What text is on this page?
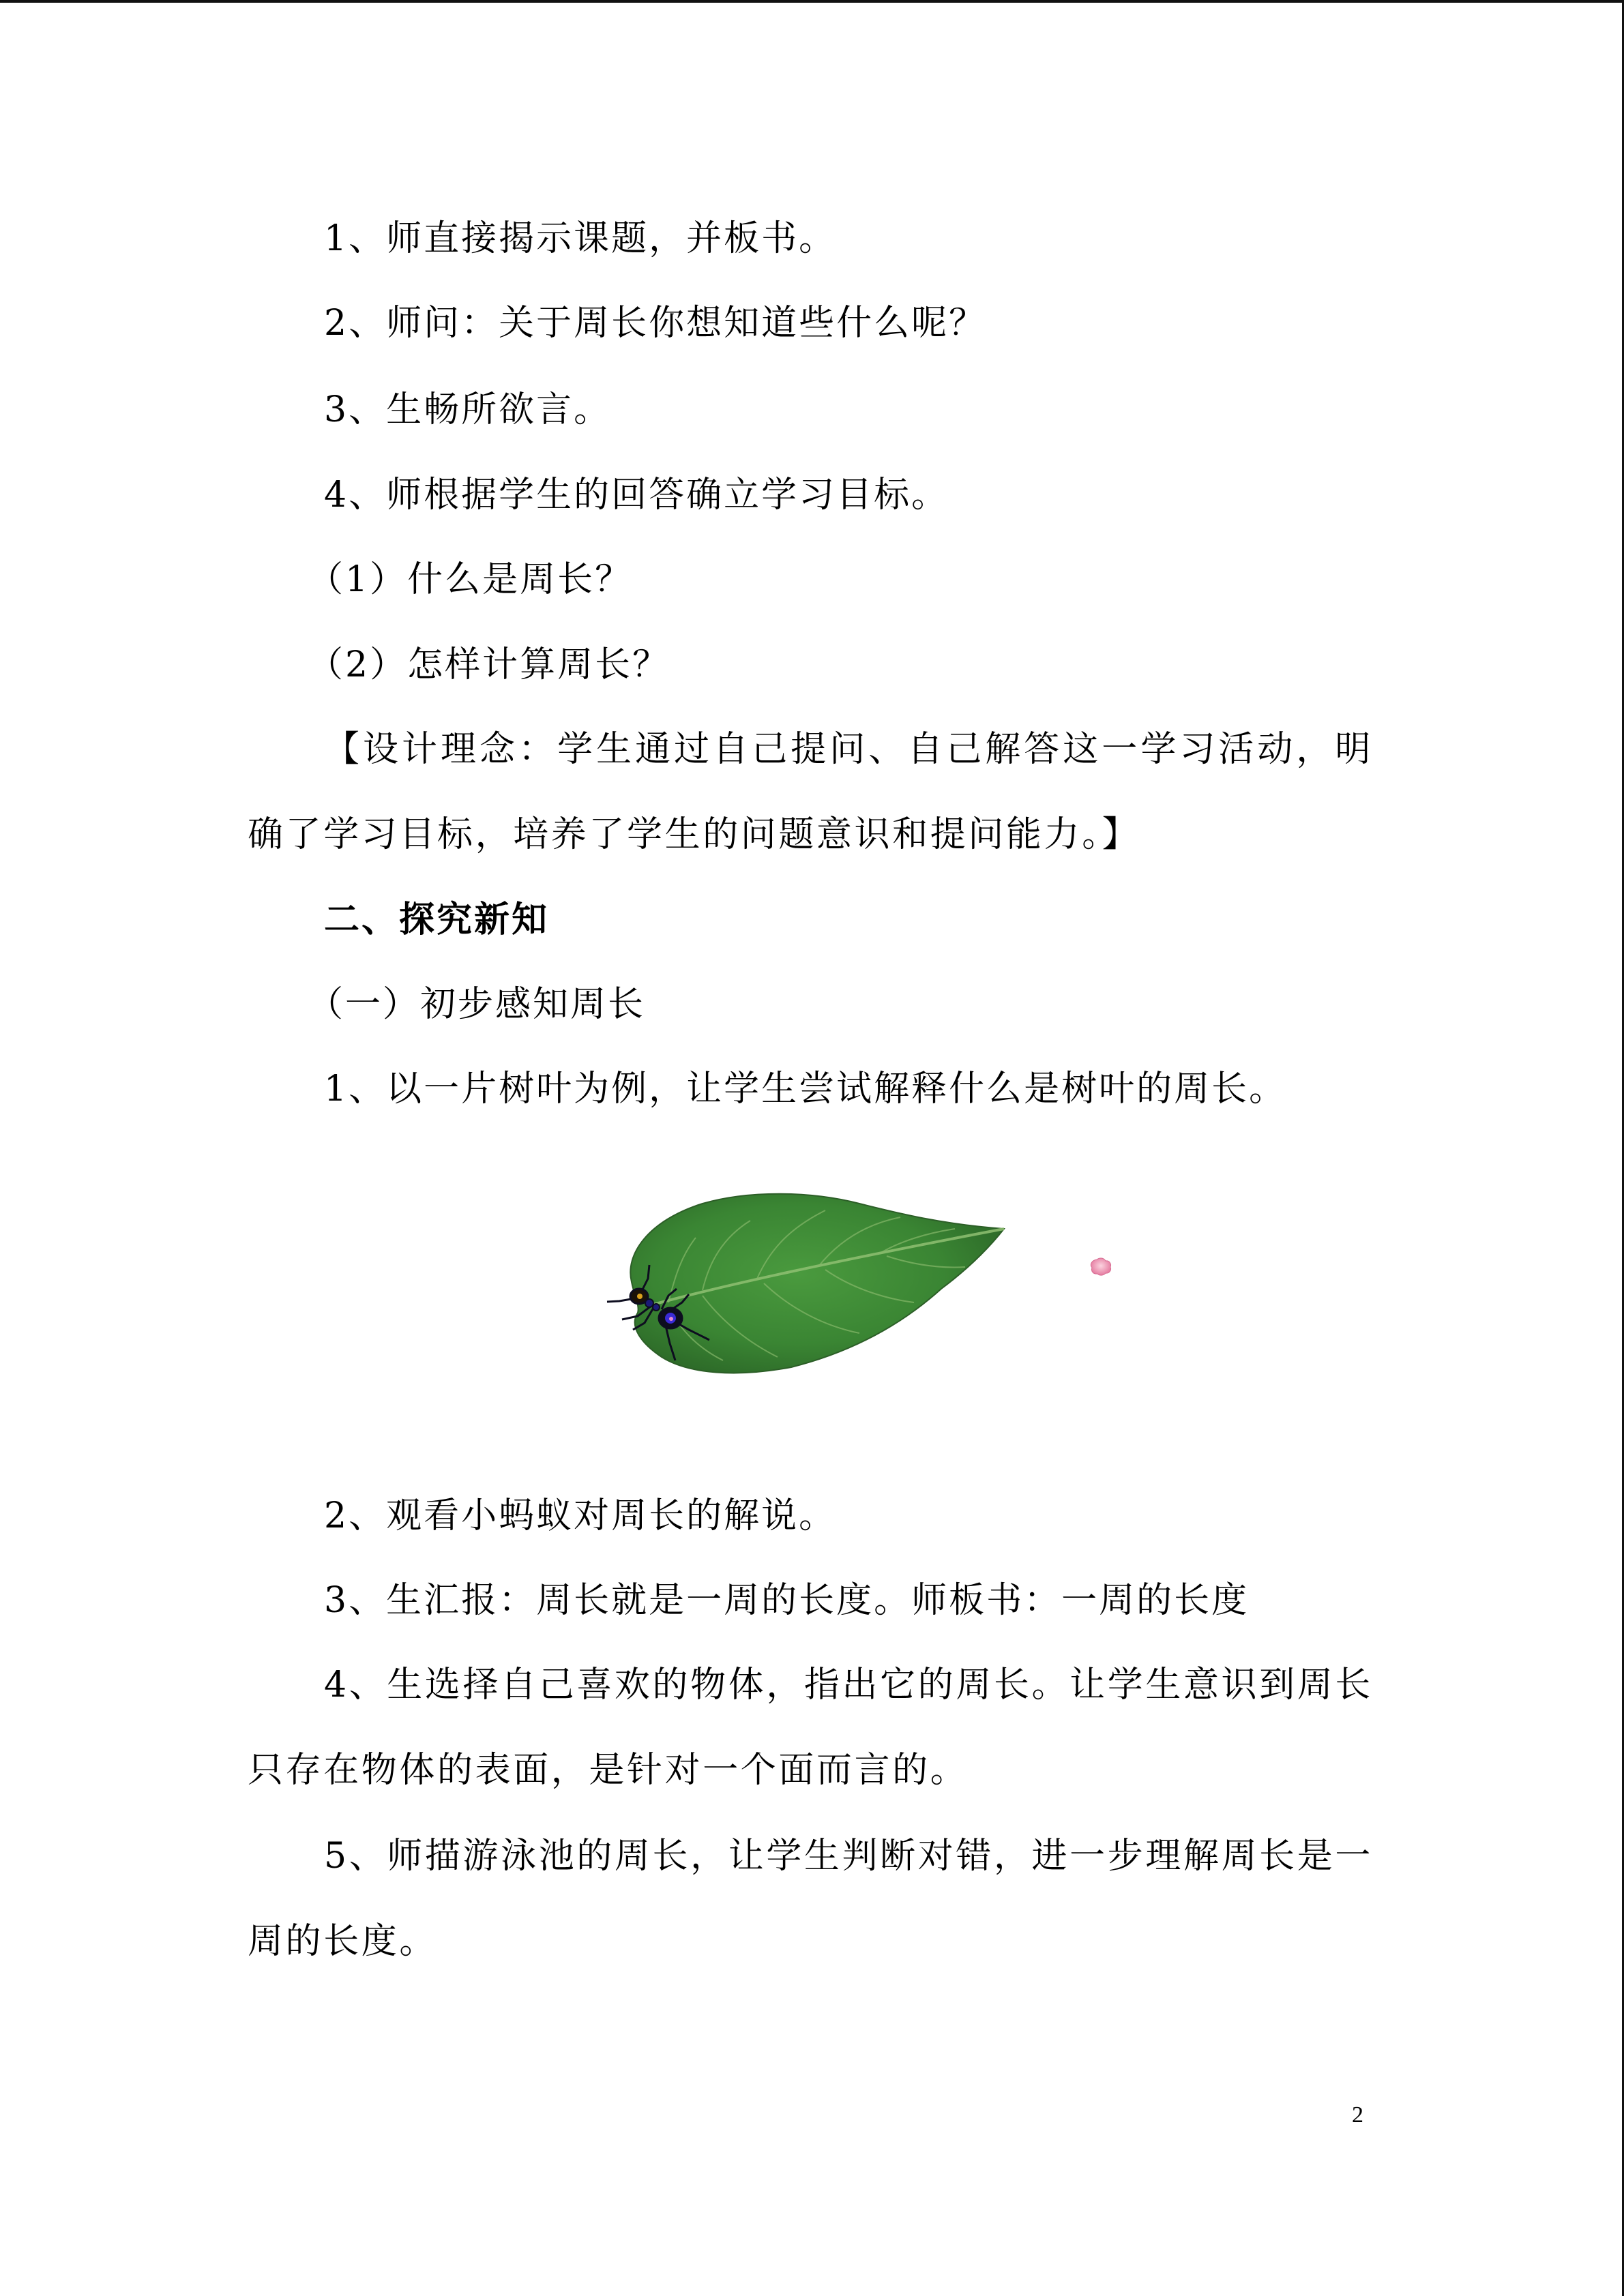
1、师直接揭示课题，并板书。
2、师问：关于周长你想知道些什么呢？
3、生畅所欲言。
4、师根据学生的回答确立学习目标。
（1）什么是周长？
（2）怎样计算周长？
【设计理念：学生通过自己提问、自己解答这一学习活动，明确了学习目标，培养了学生的问题意识和提问能力。】
二、探究新知
（一）初步感知周长
1、以一片树叶为例，让学生尝试解释什么是树叶的周长。
2、观看小蚂蚁对周长的解说。
3、生汇报：周长就是一周的长度。师板书：一周的长度
4、生选择自己喜欢的物体，指出它的周长。让学生意识到周长只存在物体的表面，是针对一个面而言的。
5、师描游泳池的周长，让学生判断对错，进一步理解周长是一周的长度。
2
